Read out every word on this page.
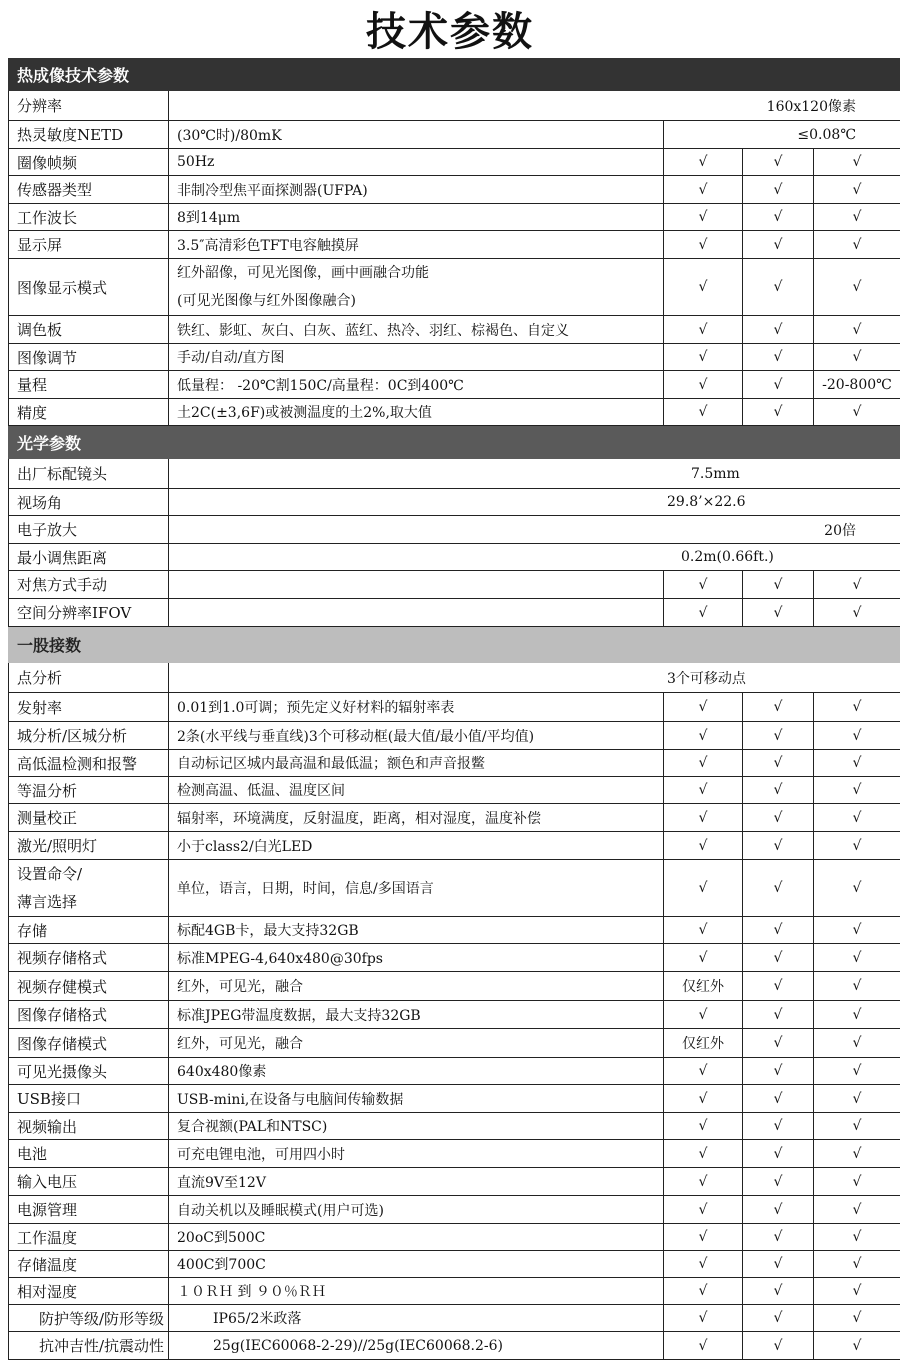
技术参数
热成像技术参数				
分辨率		160x120像素		
热灵敏度NETD	(30℃时)/80mK	≤0.08℃		
圈像帧频	50Hz	√	√	√
传感器类型	非制冷型焦平面探测器(UFPA)	√	√	√
工作波长	8到14μm	√	√	√
显示屏	3.5″高清彩色TFT电容触摸屏	√	√	√
图像显示模式	红外韶像，可见光图像，画中画融合功能
(可见光图像与红外图像融合)	√	√	√
调色板	铁红、影虹、灰白、白灰、蓝红、热冷、羽红、棕褐色、自定义	√	√	√
图像调节	手动/自动/直方图	√	√	√
量程	低量程： -20℃割150C/高量程：0C到400℃	√	√	-20-800℃
精度	土2C(±3,6F)或被测温度的土2%,取大值	√	√	√
光学参数				
出厂标配镜头	7.5mm			
视场角	29.8’×22.6			
电子放大		20倍		
最小调焦距离	0.2m(0.66ft.)			
对焦方式手动		√	√	√
空间分辨率IFOV		√	√	√
一股接数				
点分析	3个可移动点			
发射率	0.01到1.0可调；预先定义好材料的辐射率表	√	√	√
城分析/区城分析	2条(水平线与垂直线)3个可移动框(最大值/最小值/平均值)	√	√	√
高低温检测和报警	自动标记区城内最高温和最低温；额色和声音报鳖	√	√	√
等温分析	检测高温、低温、温度区间	√	√	√
测量校正	辐射率，环境满度，反射温度，距离，相对湿度，温度补偿	√	√	√
激光/照明灯	小于class2/白光LED	√	√	√

设置命令/
薄言选择	单位，语言，日期，时间，信息/多国语言	√	√	√
存储	标配4GB卡，最大支持32GB	√	√	√
视频存储格式	标准MPEG-4,640x480@30fps	√	√	√
视频存健模式	红外，可见光，融合	仅红外	√	√
图像存储格式	标准JPEG带温度数据，最大支持32GB	√	√	√
图像存储模式	红外，可见光，融合	仅红外	√	√
可见光摄像头	640x480像素	√	√	√
USB接口	USB-mini,在设备与电脑间传输数据	√	√	√
视频输出	复合视额(PAL和NTSC)	√	√	√
电池	可充电锂电池，可用四小时	√	√	√
输入电压	直流9V至12V	√	√	√
电源管理	自动关机以及睡眠模式(用户可选)	√	√	√
工作温度	20oC到500C	√	√	√
存储温度	400C到700C	√	√	√
相对湿度	１０ＲＨ 到 ９０％ＲＨ	√	√	√
防护等级/防形等级	IP65/2米政落	√	√	√
抗冲吉性/抗震动性	25g(IEC60068-2-29)//25g(IEC60068.2-6)	√	√	√
